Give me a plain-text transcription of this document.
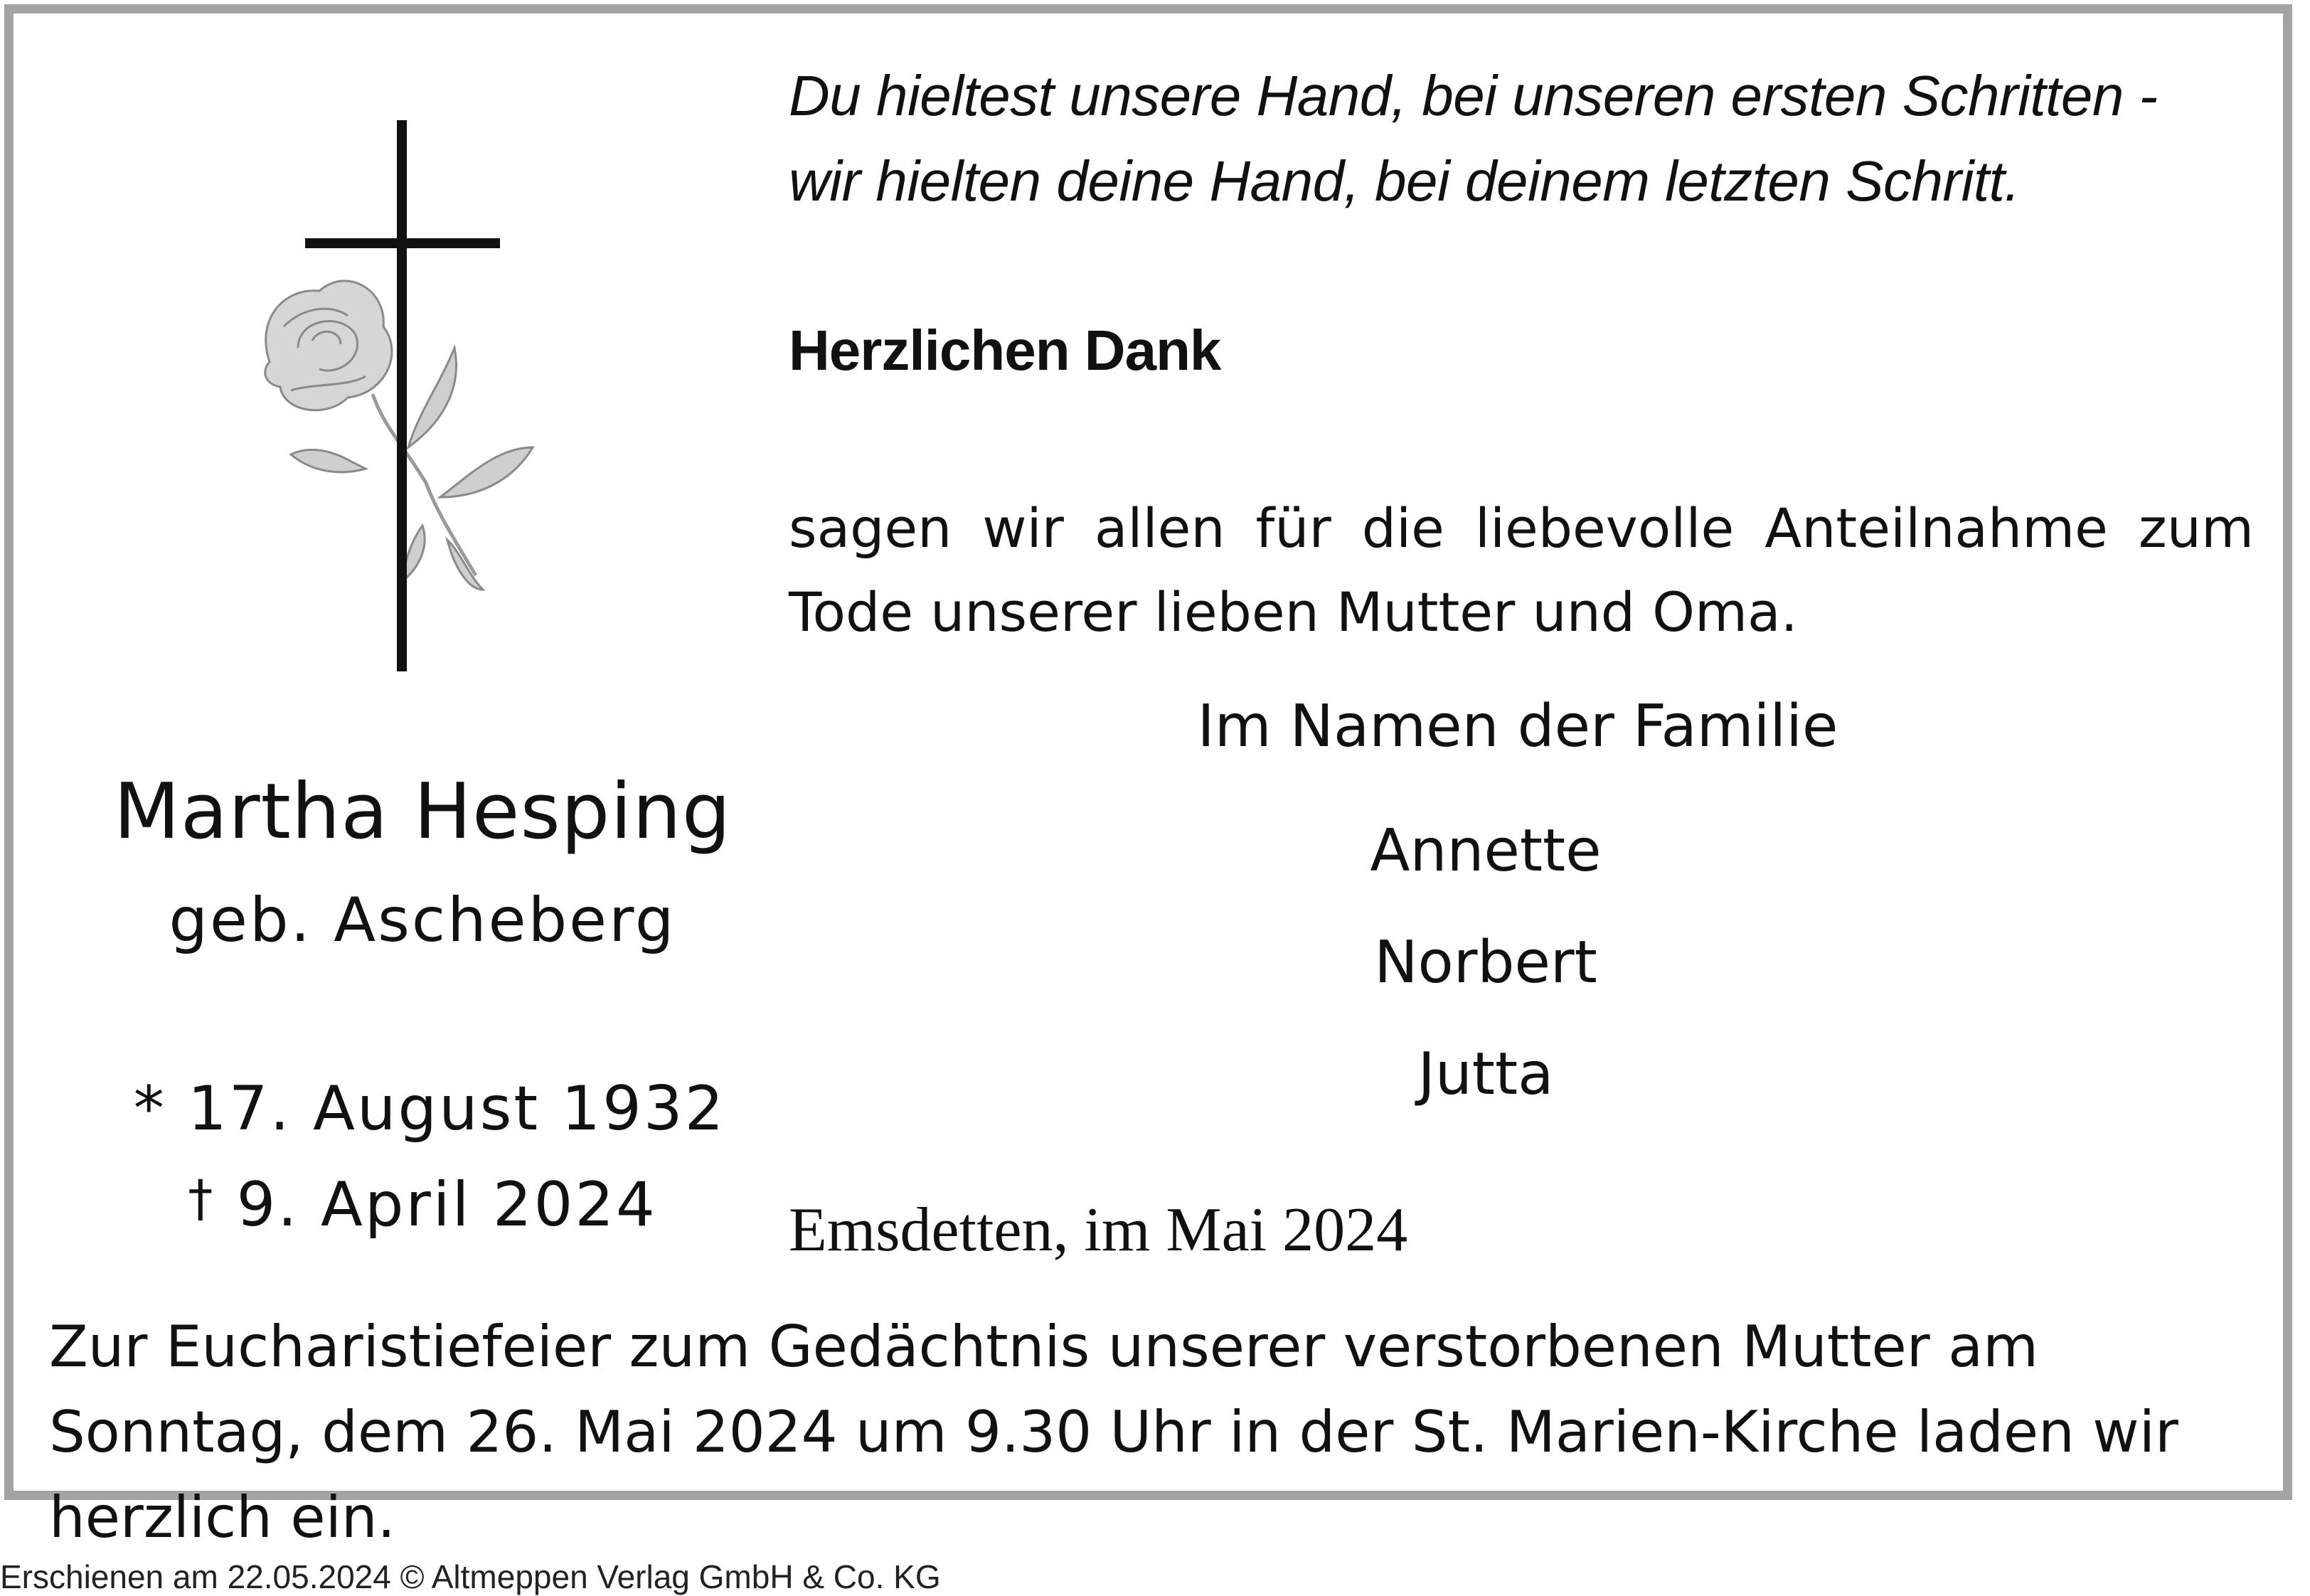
Du hieltest unsere Hand, bei unseren ersten Schritten -
wir hielten deine Hand, bei deinem letzten Schritt.
Herzlichen Dank
sagen wir allen für die liebevolle Anteilnahme zum Tode unserer lieben Mutter und Oma.
Im Namen der Familie
Annette
Norbert
Jutta
Emsdetten, im Mai 2024
Martha Hesping
geb. Ascheberg
* 17. August 1932
† 9. April 2024
Zur Eucharistiefeier zum Gedächtnis unserer verstorbenen Mutter am Sonntag, dem 26. Mai 2024 um 9.30 Uhr in der St. Marien-Kirche laden wir herzlich ein.
Erschienen am 22.05.2024 © Altmeppen Verlag GmbH & Co. KG
